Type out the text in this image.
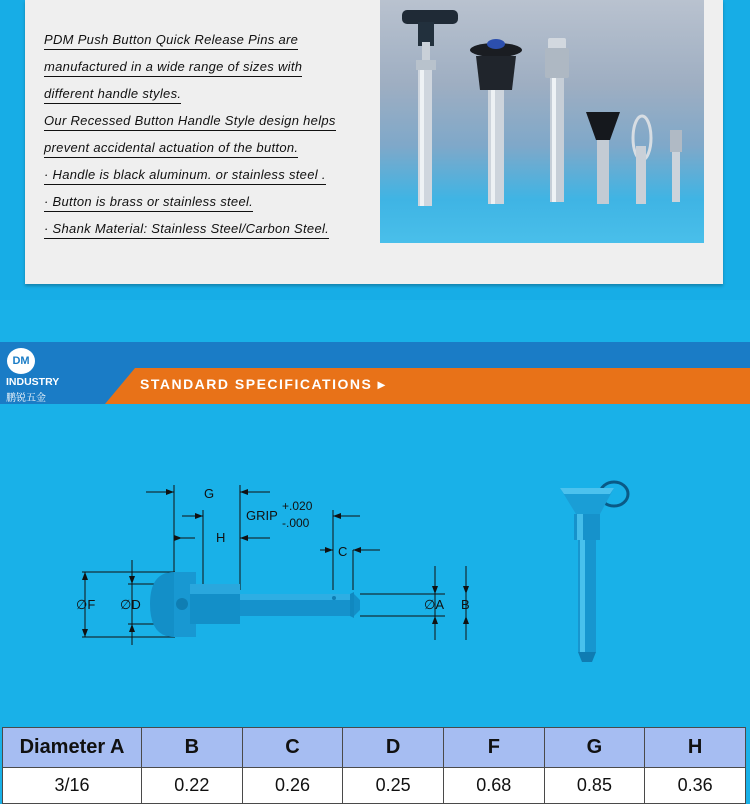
PDM Push Button Quick Release Pins are
manufactured in a wide range of sizes with
different handle styles.
Our Recessed Button Handle Style design helps
prevent accidental actuation of the button.
· Handle is black aluminum. or stainless steel .
· Button is brass or stainless steel.
· Shank Material: Stainless Steel/Carbon Steel.
STANDARD SPECIFICATIONS ▸
DM
INDUSTRY
鹏锐五金
G
GRIP
+.020
-.000
H
C
∅F ∅D	∅A B
Diameter A	B	C	D	F	G	H
3/16	0.22	0.26	0.25	0.68	0.85	0.36
